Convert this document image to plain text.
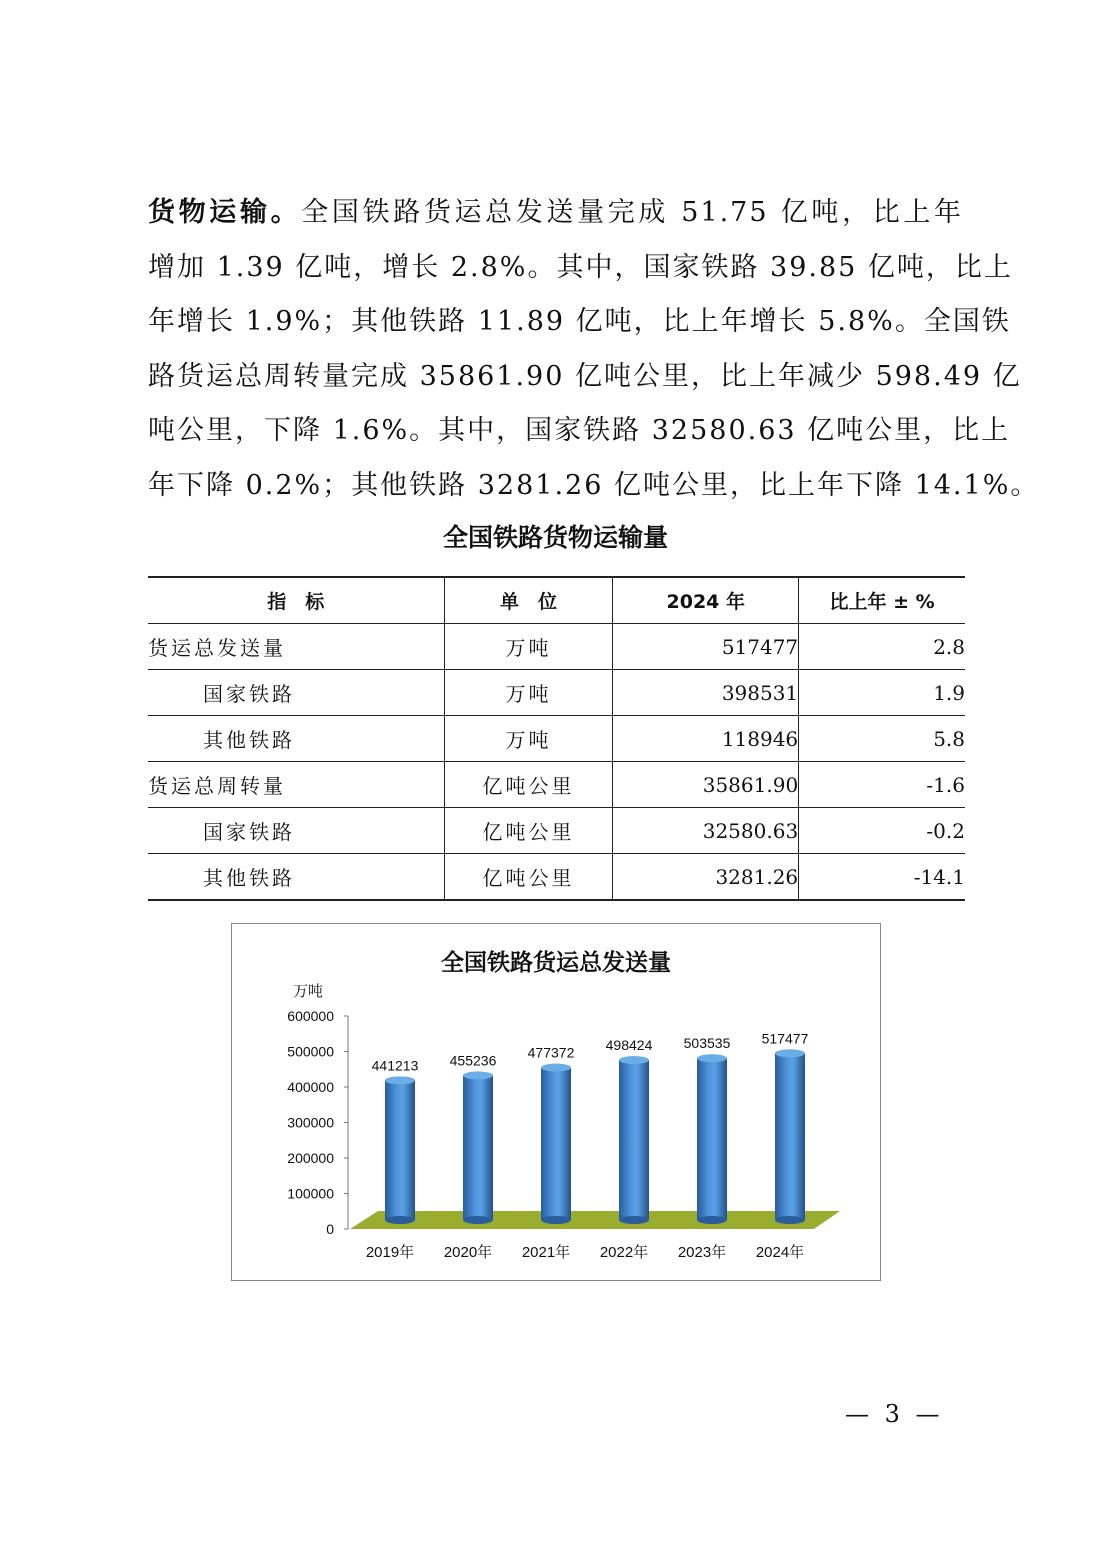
货物运输。全国铁路货运总发送量完成 51.75 亿吨，比上年
增加 1.39 亿吨，增长 2.8%。其中，国家铁路 39.85 亿吨，比上
年增长 1.9%；其他铁路 11.89 亿吨，比上年增长 5.8%。全国铁
路货运总周转量完成 35861.90 亿吨公里，比上年减少 598.49 亿
吨公里，下降 1.6%。其中，国家铁路 32580.63 亿吨公里，比上
年下降 0.2%；其他铁路 3281.26 亿吨公里，比上年下降 14.1%。
全国铁路货物运输量
指　标	单　位	2024 年	比上年 ± %
货运总发送量	万吨	517477	2.8
国家铁路	万吨	398531	1.9
其他铁路	万吨	118946	5.8
货运总周转量	亿吨公里	35861.90	-1.6
国家铁路	亿吨公里	32580.63	-0.2
其他铁路	亿吨公里	3281.26	-14.1
全国铁路货运总发送量
万吨
0
100000
200000
300000
400000
500000
600000
441213
2019年
455236
2020年
477372
2021年
498424
2022年
503535
2023年
517477
2024年
— 3 —
